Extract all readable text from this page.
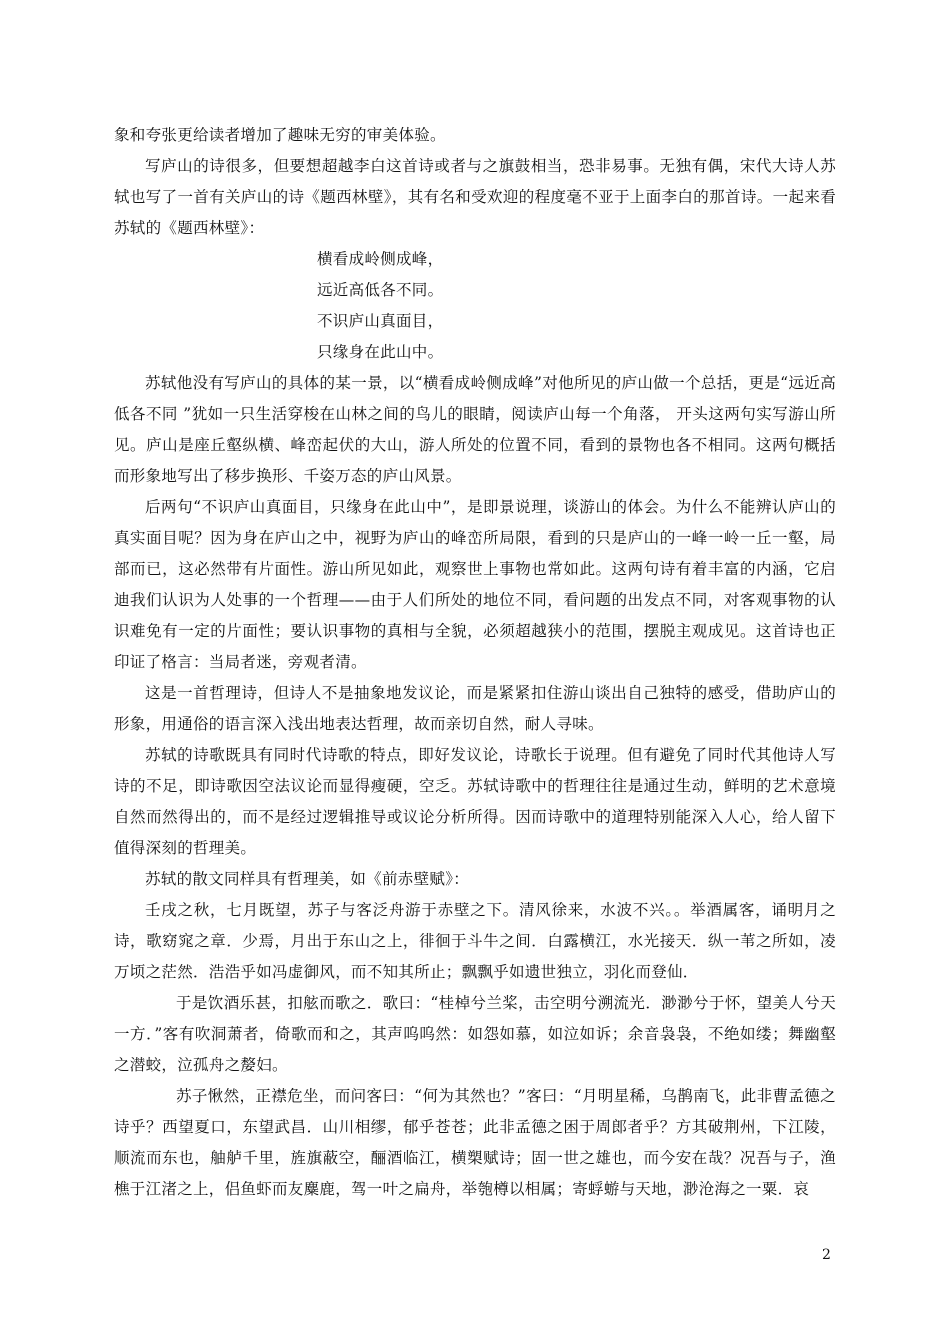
象和夸张更给读者增加了趣味无穷的审美体验。

写庐山的诗很多，但要想超越李白这首诗或者与之旗鼓相当，恐非易事。无独有偶，宋代大诗人苏轼也写了一首有关庐山的诗《题西林壁》，其有名和受欢迎的程度毫不亚于上面李白的那首诗。一起来看苏轼的《题西林壁》：

横看成岭侧成峰，
远近高低各不同。
不识庐山真面目，
只缘身在此山中。

苏轼他没有写庐山的具体的某一景，以“横看成岭侧成峰”对他所见的庐山做一个总括，更是“远近高低各不同 ”犹如一只生活穿梭在山林之间的鸟儿的眼睛，阅读庐山每一个角落， 开头这两句实写游山所见。庐山是座丘壑纵横、峰峦起伏的大山，游人所处的位置不同，看到的景物也各不相同。这两句概括而形象地写出了移步换形、千姿万态的庐山风景。

后两句“不识庐山真面目，只缘身在此山中”，是即景说理，谈游山的体会。为什么不能辨认庐山的真实面目呢？因为身在庐山之中，视野为庐山的峰峦所局限，看到的只是庐山的一峰一岭一丘一壑，局部而已，这必然带有片面性。游山所见如此，观察世上事物也常如此。这两句诗有着丰富的内涵，它启迪我们认识为人处事的一个哲理——由于人们所处的地位不同，看问题的出发点不同，对客观事物的认识难免有一定的片面性；要认识事物的真相与全貌，必须超越狭小的范围，摆脱主观成见。这首诗也正印证了格言：当局者迷，旁观者清。

这是一首哲理诗，但诗人不是抽象地发议论，而是紧紧扣住游山谈出自己独特的感受，借助庐山的形象，用通俗的语言深入浅出地表达哲理，故而亲切自然，耐人寻味。

苏轼的诗歌既具有同时代诗歌的特点，即好发议论，诗歌长于说理。但有避免了同时代其他诗人写诗的不足，即诗歌因空法议论而显得瘦硬，空乏。苏轼诗歌中的哲理往往是通过生动，鲜明的艺术意境自然而然得出的，而不是经过逻辑推导或议论分析所得。因而诗歌中的道理特别能深入人心，给人留下值得深刻的哲理美。

苏轼的散文同样具有哲理美，如《前赤壁赋》：

壬戌之秋，七月既望，苏子与客泛舟游于赤壁之下。清风徐来，水波不兴。。举酒属客，诵明月之诗，歌窈窕之章．少焉，月出于东山之上，徘徊于斗牛之间．白露横江，水光接天．纵一苇之所如，凌万顷之茫然．浩浩乎如冯虚御风，而不知其所止；飘飘乎如遗世独立，羽化而登仙．

于是饮酒乐甚，扣舷而歌之．歌曰：“桂棹兮兰桨，击空明兮溯流光．渺渺兮于怀，望美人兮天一方．”客有吹洞萧者，倚歌而和之，其声呜呜然：如怨如慕，如泣如诉；余音袅袅，不绝如缕；舞幽壑之潜蛟，泣孤舟之嫠妇。

苏子愀然，正襟危坐，而问客曰：“何为其然也？”客曰：“月明星稀，乌鹊南飞，此非曹孟德之诗乎？西望夏口，东望武昌．山川相缪，郁乎苍苍；此非孟德之困于周郎者乎？方其破荆州，下江陵，顺流而东也，舳舻千里，旌旗蔽空，酾酒临江，横槊赋诗；固一世之雄也，而今安在哉？况吾与子，渔樵于江渚之上，侣鱼虾而友麋鹿，驾一叶之扁舟，举匏樽以相属；寄蜉蝣与天地，渺沧海之一粟．哀

2
